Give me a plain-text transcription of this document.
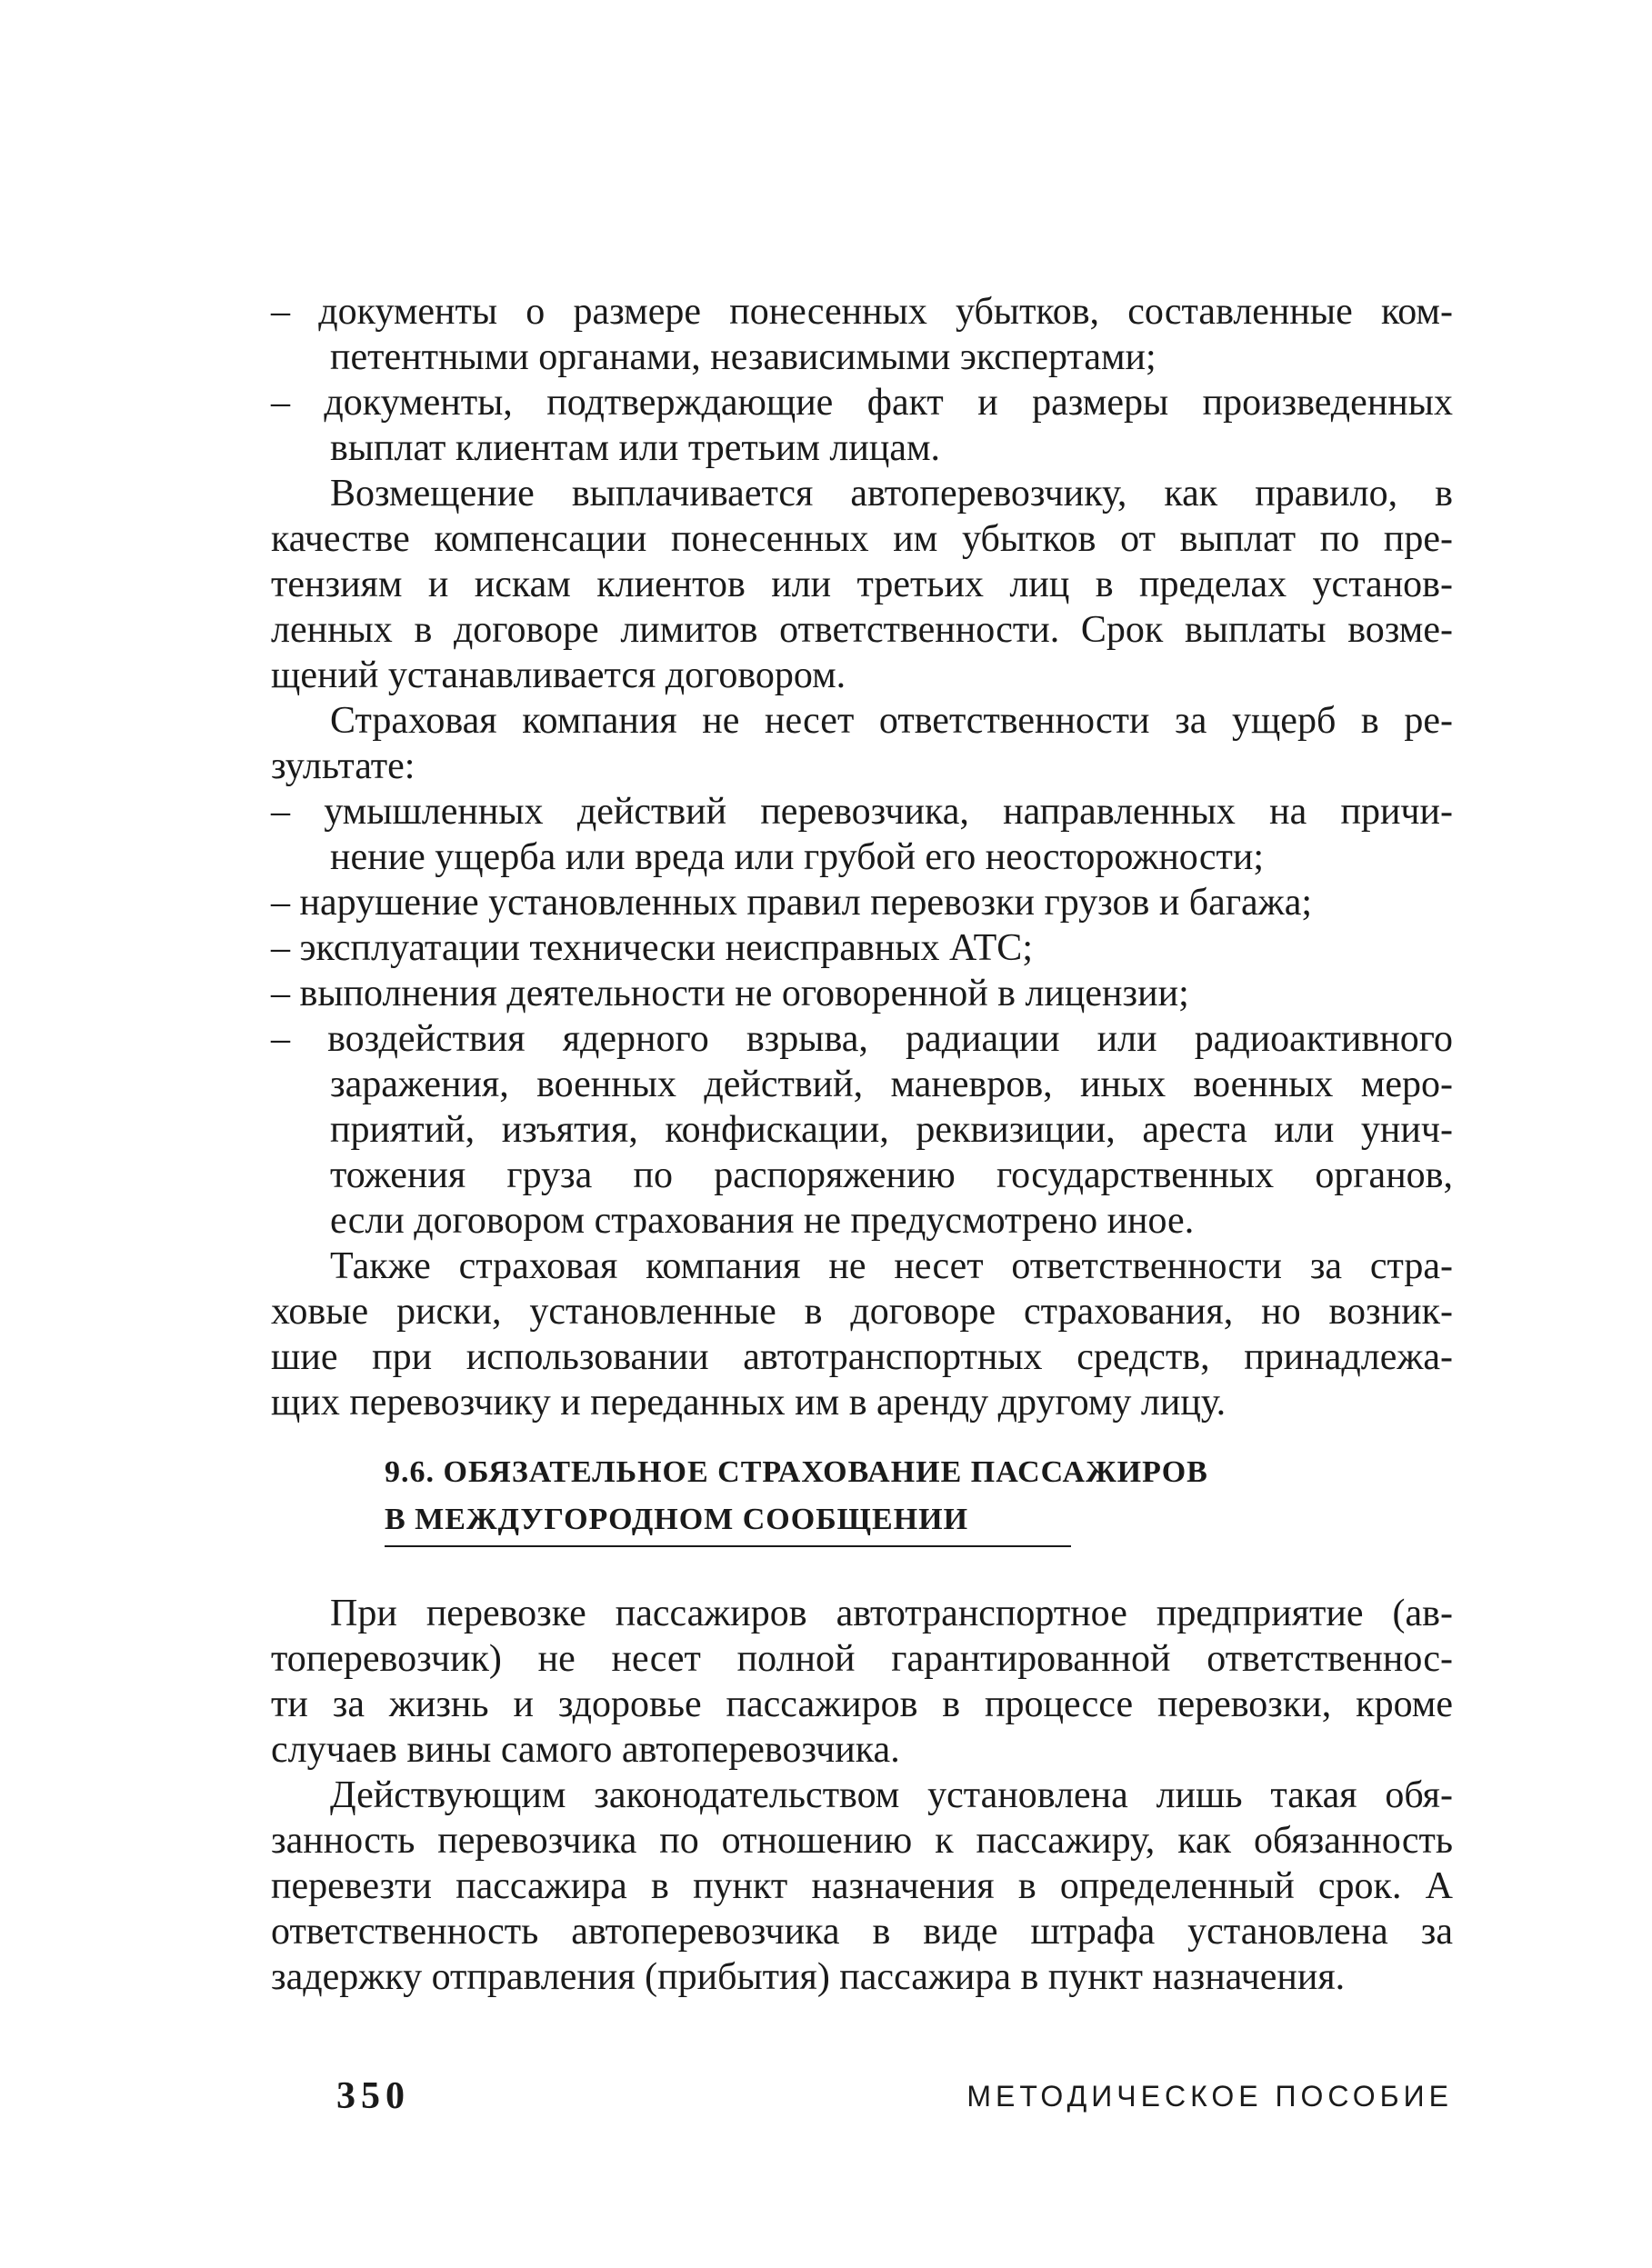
– документы о размере понесенных убытков, составленные ком-

петентными органами, независимыми экспертами;

– документы, подтверждающие факт и размеры произведенных

выплат клиентам или третьим лицам.

Возмещение выплачивается автоперевозчику, как правило, в

качестве компенсации понесенных им убытков от выплат по пре-

тензиям и искам клиентов или третьих лиц в пределах установ-

ленных в договоре лимитов ответственности. Срок выплаты возме-

щений устанавливается договором.

Страховая компания не несет ответственности за ущерб в ре-

зультате:

– умышленных действий перевозчика, направленных на причи-

нение ущерба или вреда или грубой его неосторожности;

– нарушение установленных правил перевозки грузов и багажа;

– эксплуатации технически неисправных АТС;

– выполнения деятельности не оговоренной в лицензии;

– воздействия ядерного взрыва, радиации или радиоактивного

заражения, военных действий, маневров, иных военных меро-

приятий, изъятия, конфискации, реквизиции, ареста или унич-

тожения груза по распоряжению государственных органов,

если договором страхования не предусмотрено иное.

Также страховая компания не несет ответственности за стра-

ховые риски, установленные в договоре страхования, но возник-

шие при использовании автотранспортных средств, принадлежа-

щих перевозчику и переданных им в аренду другому лицу.

9.6. ОБЯЗАТЕЛЬНОЕ СТРАХОВАНИЕ ПАССАЖИРОВ

В МЕЖДУГОРОДНОМ СООБЩЕНИИ

При перевозке пассажиров автотранспортное предприятие (ав-

топеревозчик) не несет полной гарантированной ответственнос-

ти за жизнь и здоровье пассажиров в процессе перевозки, кроме

случаев вины самого автоперевозчика.

Действующим законодательством установлена лишь такая обя-

занность перевозчика по отношению к пассажиру, как обязанность

перевезти пассажира в пункт назначения в определенный срок. А

ответственность автоперевозчика в виде штрафа установлена за

задержку отправления (прибытия) пассажира в пункт назначения.

350	МЕТОДИЧЕСКОЕ ПОСОБИЕ
